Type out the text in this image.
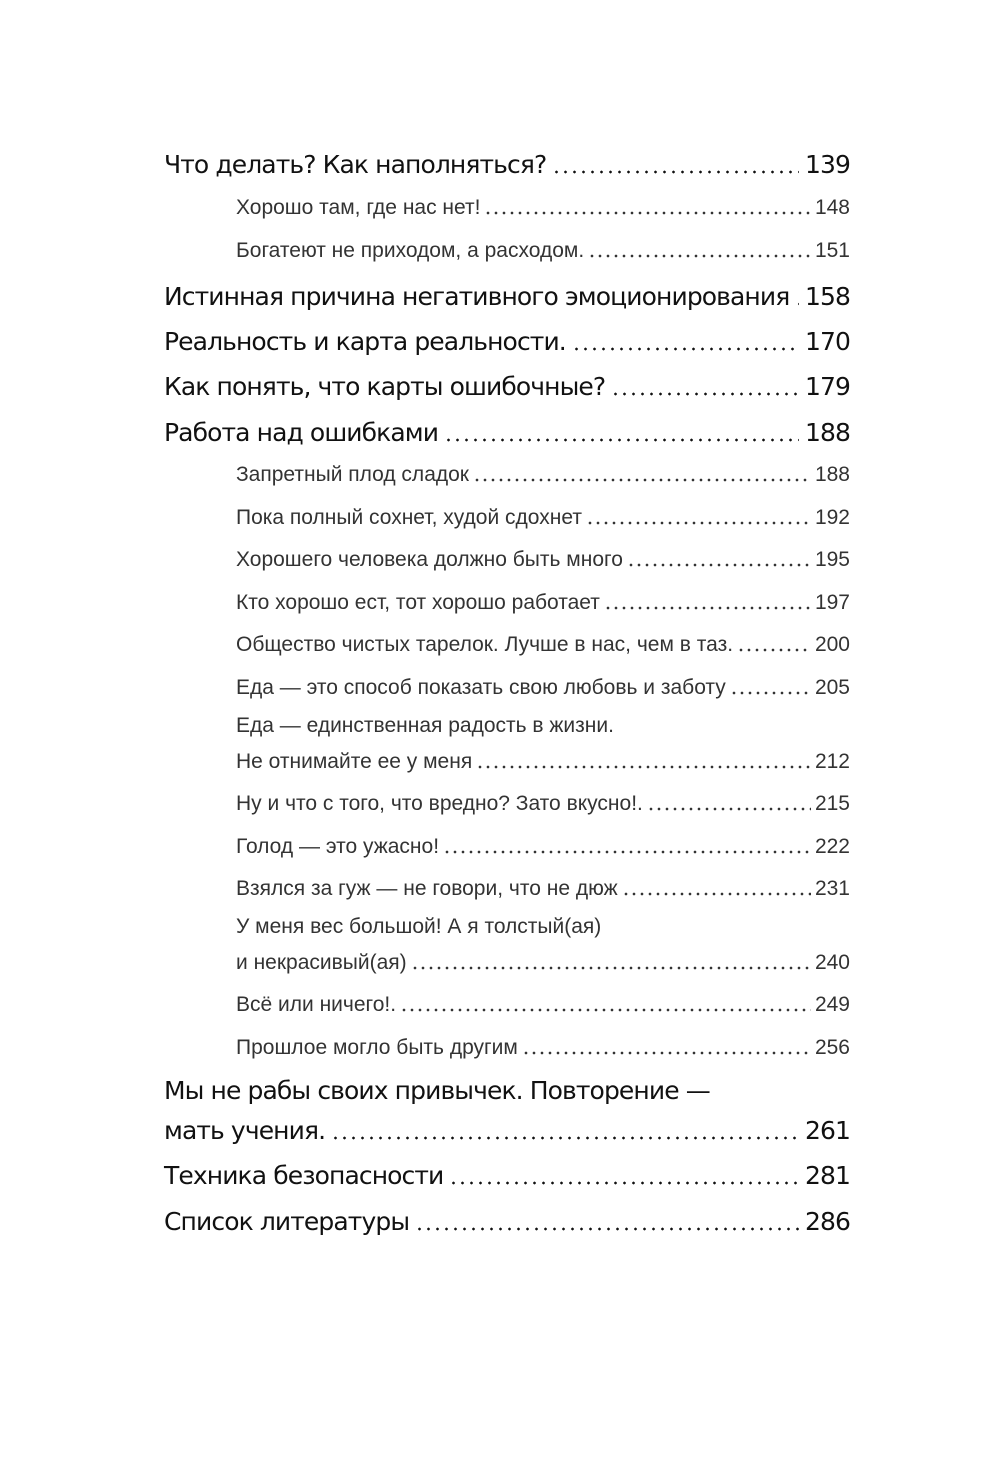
Что делать? Как наполняться?	139
Хорошо там, где нас нет!	148
Богатеют не приходом, а расходом.	151
Истинная причина негативного эмоционирования 158
Реальность и карта реальности.	170
Как понять, что карты ошибочные?	179
Работа над ошибками	188
Запретный плод сладок	188
Пока полный сохнет, худой сдохнет	192
Хорошего человека должно быть много	195
Кто хорошо ест, тот хорошо работает	197
Общество чистых тарелок. Лучше в нас, чем в таз.	200
Еда — это способ показать свою любовь и заботу	205
Еда — единственная радость в жизни.
Не отнимайте ее у меня	212
Ну и что с того, что вредно? Зато вкусно!.	215
Голод — это ужасно!	222
Взялся за гуж — не говори, что не дюж	231
У меня вес большой! А я толстый(ая)
и некрасивый(ая)	240
Всё или ничего!.	249
Прошлое могло быть другим	256
Мы не рабы своих привычек. Повторение —
мать учения.	261
Техника безопасности	281
Список литературы	286
